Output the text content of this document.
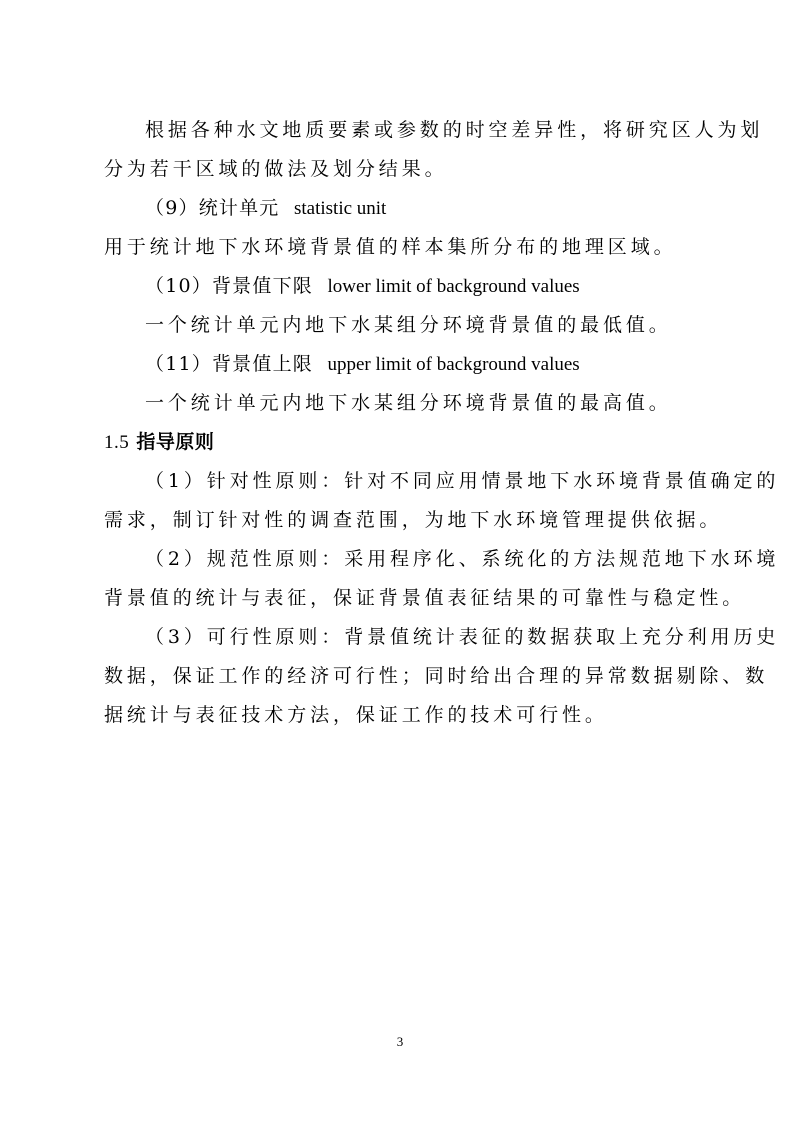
根据各种水文地质要素或参数的时空差异性，将研究区人为划
分为若干区域的做法及划分结果。
（9）统计单元 statistic unit
用于统计地下水环境背景值的样本集所分布的地理区域。
（10）背景值下限 lower limit of background values
一个统计单元内地下水某组分环境背景值的最低值。
（11）背景值上限 upper limit of background values
一个统计单元内地下水某组分环境背景值的最高值。
1.5 指导原则
（1）针对性原则：针对不同应用情景地下水环境背景值确定的
需求，制订针对性的调查范围，为地下水环境管理提供依据。
（2）规范性原则：采用程序化、系统化的方法规范地下水环境
背景值的统计与表征，保证背景值表征结果的可靠性与稳定性。
（3）可行性原则：背景值统计表征的数据获取上充分利用历史
数据，保证工作的经济可行性；同时给出合理的异常数据剔除、数
据统计与表征技术方法，保证工作的技术可行性。
3
